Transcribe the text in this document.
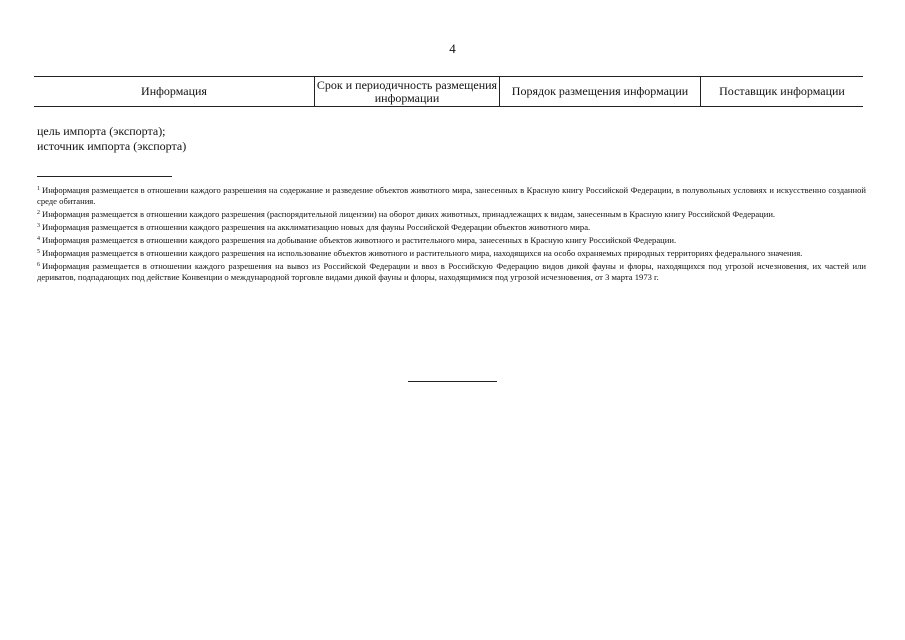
4
Информация	Срок и периодичность размещения информации	Порядок размещения информации	Поставщик информации
цель импорта (экспорта);
источник импорта (экспорта)

$^1$ Информация размещается в отношении каждого разрешения на содержание и разведение объектов животного мира, занесенных в Красную книгу Российской Федерации, в полувольных условиях и искусственно созданной среде обитания.

$^2$ Информация размещается в отношении каждого разрешения (распорядительной лицензии) на оборот диких животных, принадлежащих к видам, занесенным в Красную книгу Российской Федерации.

$^3$ Информация размещается в отношении каждого разрешения на акклиматизацию новых для фауны Российской Федерации объектов животного мира.

$^4$ Информация размещается в отношении каждого разрешения на добывание объектов животного и растительного мира, занесенных в Красную книгу Российской Федерации.

$^5$ Информация размещается в отношении каждого разрешения на использование объектов животного и растительного мира, находящихся на особо охраняемых природных территориях федерального значения.

$^6$ Информация размещается в отношении каждого разрешения на вывоз из Российской Федерации и ввоз в Российскую Федерацию видов дикой фауны и флоры, находящихся под угрозой исчезновения, их частей или дериватов, подпадающих под действие Конвенции о международной торговле видами дикой фауны и флоры, находящимися под угрозой исчезновения, от 3 марта 1973 г.
